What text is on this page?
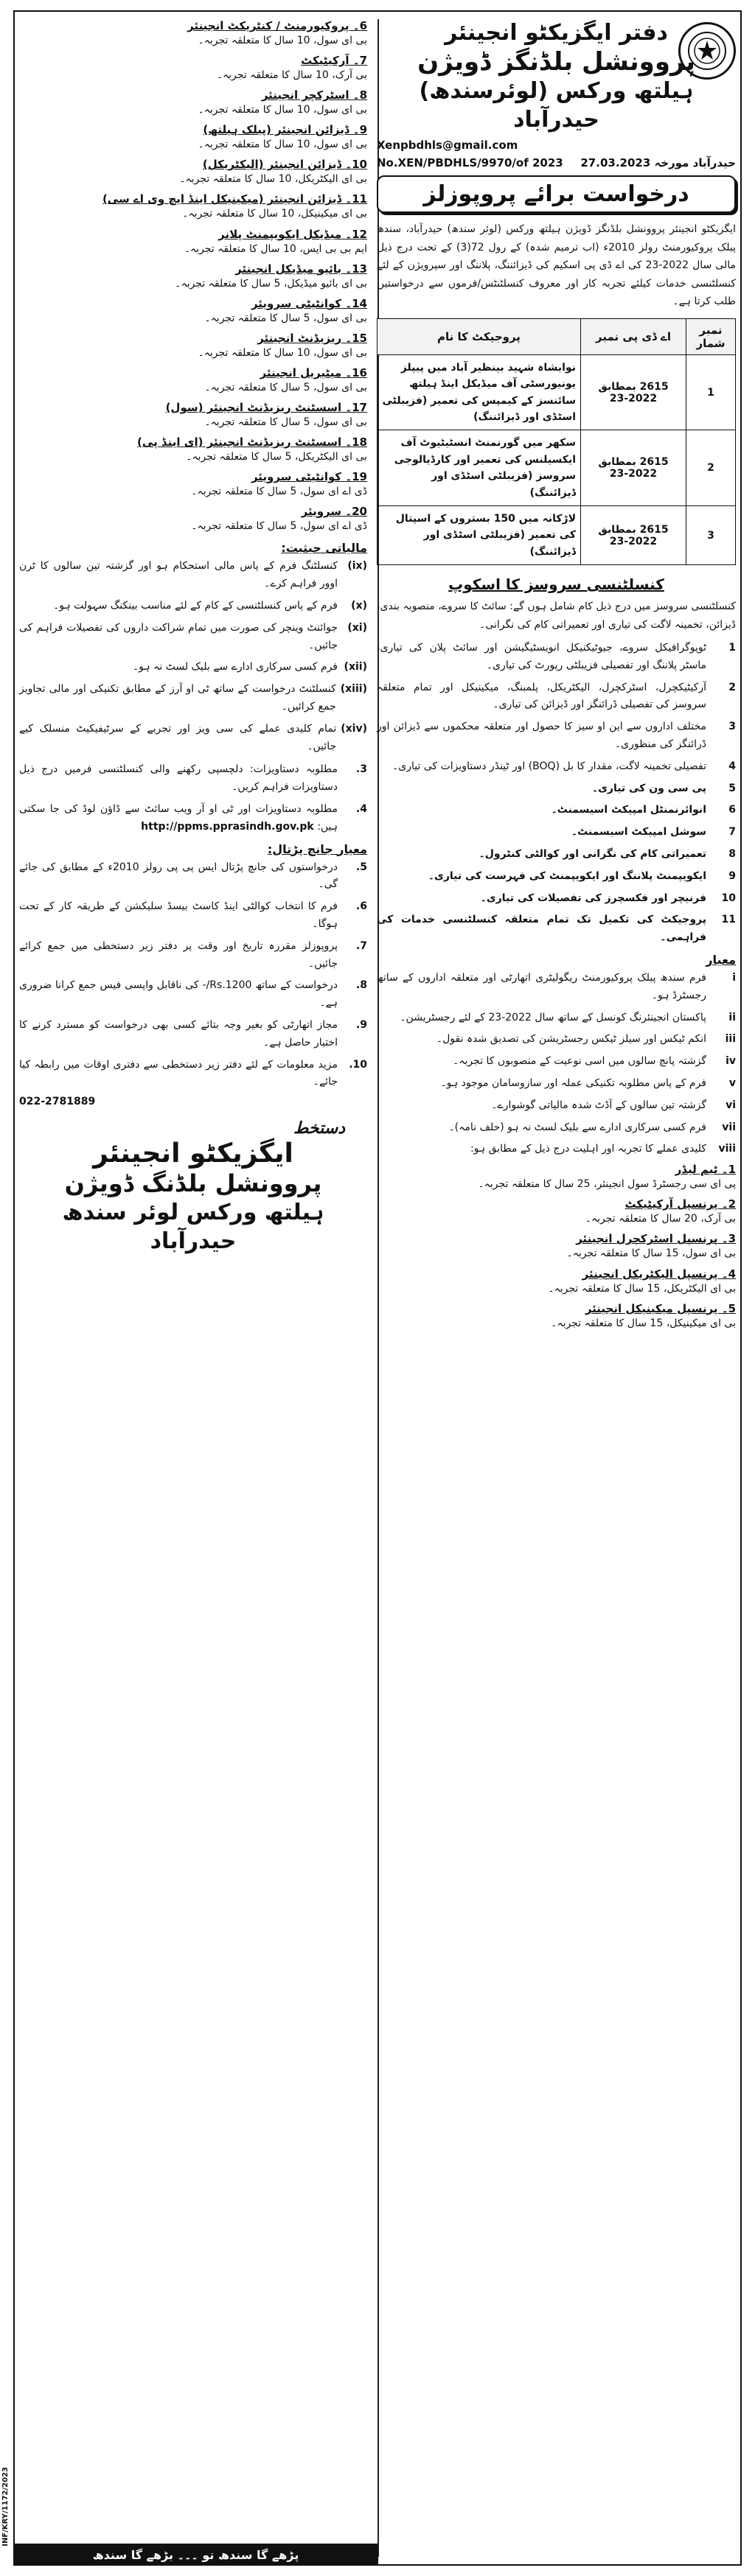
دفتر ایگزیکٹو انجینئر
پروونشل بلڈنگز ڈویژن
ہیلتھ ورکس (لوئرسندھ) حیدرآباد
Xenpbdhls@gmail.com
No.XEN/PBDHLS/9970/of 2023 حیدرآباد مورخہ 27.03.2023
درخواست برائے پروپوزلز
ایگزیکٹو انجینئر پروونشل بلڈنگز ڈویژن ہیلتھ ورکس (لوئر سندھ) حیدرآباد، سندھ پبلک پروکیورمنٹ رولز 2010ء (اب ترمیم شدہ) کے رول 72(3) کے تحت درج ذیل مالی سال 2022-23 کی اے ڈی پی اسکیم کی ڈیزائننگ، پلاننگ اور سپرویژن کے لئے کنسلٹنسی خدمات کیلئے تجربہ کار اور معروف کنسلٹنٹس/فرموں سے درخواستیں طلب کرتا ہے۔
نمبر شمار	اے ڈی پی نمبر	پروجیکٹ کا نام
1	2615 بمطابق 2022-23	نوابشاہ شہید بینظیر آباد میں پیپلز یونیورسٹی آف میڈیکل اینڈ ہیلتھ سائنسز کے کیمپس کی تعمیر (فزیبلٹی اسٹڈی اور ڈیزائننگ)
2	2615 بمطابق 2022-23	سکھر میں گورنمنٹ انسٹیٹیوٹ آف ایکسیلنس کی تعمیر اور کارڈیالوجی سروسز (فزیبلٹی اسٹڈی اور ڈیزائننگ)
3	2615 بمطابق 2022-23	لاڑکانہ میں 150 بستروں کے اسپتال کی تعمیر (فزیبلٹی اسٹڈی اور ڈیزائننگ)
کنسلٹنسی سروسز کا اسکوپ
کنسلٹنسی سروسز میں درج ذیل کام شامل ہوں گے: سائٹ کا سروے، منصوبہ بندی، ڈیزائن، تخمینہ لاگت کی تیاری اور تعمیراتی کام کی نگرانی۔
1
ٹوپوگرافیکل سروے، جیوٹیکنیکل انویسٹیگیشن اور سائٹ پلان کی تیاری، ماسٹر پلاننگ اور تفصیلی فزیبلٹی رپورٹ کی تیاری۔
2
آرکیٹیکچرل، اسٹرکچرل، الیکٹریکل، پلمبنگ، میکینیکل اور تمام متعلقہ سروسز کی تفصیلی ڈرائنگز اور ڈیزائن کی تیاری۔
3
مختلف اداروں سے این او سیز کا حصول اور متعلقہ محکموں سے ڈیزائن اور ڈرائنگز کی منظوری۔
4
تفصیلی تخمینہ لاگت، مقدار کا بل (BOQ) اور ٹینڈر دستاویزات کی تیاری۔
5
پی سی ون کی تیاری۔
6
انوائرنمنٹل امپیکٹ اسیسمنٹ۔
7
سوشل امپیکٹ اسیسمنٹ۔
8
تعمیراتی کام کی نگرانی اور کوالٹی کنٹرول۔
9
ایکویپمنٹ پلاننگ اور ایکویپمنٹ کی فہرست کی تیاری۔
10
فرنیچر اور فکسچرز کی تفصیلات کی تیاری۔
11
پروجیکٹ کی تکمیل تک تمام متعلقہ کنسلٹنسی خدمات کی فراہمی۔
معیار
i
فرم سندھ پبلک پروکیورمنٹ ریگولیٹری اتھارٹی اور متعلقہ اداروں کے ساتھ رجسٹرڈ ہو۔
ii
پاکستان انجینئرنگ کونسل کے ساتھ سال 2022-23 کے لئے رجسٹریشن۔
iii
انکم ٹیکس اور سیلز ٹیکس رجسٹریشن کی تصدیق شدہ نقول۔
iv
گزشتہ پانچ سالوں میں اسی نوعیت کے منصوبوں کا تجربہ۔
v
فرم کے پاس مطلوبہ تکنیکی عملہ اور سازوسامان موجود ہو۔
vi
گزشتہ تین سالوں کے آڈٹ شدہ مالیاتی گوشوارے۔
vii
فرم کسی سرکاری ادارے سے بلیک لسٹ نہ ہو (حلف نامہ)۔
viii
کلیدی عملے کا تجربہ اور اہلیت درج ذیل کے مطابق ہو:
1۔ ٹیم لیڈر
پی ای سی رجسٹرڈ سول انجینئر، 25 سال کا متعلقہ تجربہ۔
2۔ پرنسپل آرکیٹیکٹ
بی آرک، 20 سال کا متعلقہ تجربہ۔
3۔ پرنسپل اسٹرکچرل انجینئر
بی ای سول، 15 سال کا متعلقہ تجربہ۔
4۔ پرنسپل الیکٹریکل انجینئر
بی ای الیکٹریکل، 15 سال کا متعلقہ تجربہ۔
5۔ پرنسپل میکینیکل انجینئر
بی ای میکینیکل، 15 سال کا متعلقہ تجربہ۔
6۔ پروکیورمنٹ / کنٹریکٹ انجینئر
بی ای سول، 10 سال کا متعلقہ تجربہ۔
7۔ آرکیٹیکٹ
بی آرک، 10 سال کا متعلقہ تجربہ۔
8۔ اسٹرکچر انجینئر
بی ای سول، 10 سال کا متعلقہ تجربہ۔
9۔ ڈیزائن انجینئر (پبلک ہیلتھ)
بی ای سول، 10 سال کا متعلقہ تجربہ۔
10۔ ڈیزائن انجینئر (الیکٹریکل)
بی ای الیکٹریکل، 10 سال کا متعلقہ تجربہ۔
11۔ ڈیزائن انجینئر (میکینیکل اینڈ ایچ وی اے سی)
بی ای میکینیکل، 10 سال کا متعلقہ تجربہ۔
12۔ میڈیکل ایکویپمنٹ پلانر
ایم بی بی ایس، 10 سال کا متعلقہ تجربہ۔
13۔ بائیو میڈیکل انجینئر
بی ای بائیو میڈیکل، 5 سال کا متعلقہ تجربہ۔
14۔ کوانٹیٹی سرویئر
بی ای سول، 5 سال کا متعلقہ تجربہ۔
15۔ ریزیڈنٹ انجینئر
بی ای سول، 10 سال کا متعلقہ تجربہ۔
16۔ میٹیریل انجینئر
بی ای سول، 5 سال کا متعلقہ تجربہ۔
17۔ اسسٹنٹ ریزیڈنٹ انجینئر (سول)
بی ای سول، 5 سال کا متعلقہ تجربہ۔
18۔ اسسٹنٹ ریزیڈنٹ انجینئر (ای اینڈ پی)
بی ای الیکٹریکل، 5 سال کا متعلقہ تجربہ۔
19۔ کوانٹیٹی سرویئر
ڈی اے ای سول، 5 سال کا متعلقہ تجربہ۔
20۔ سرویئر
ڈی اے ای سول، 5 سال کا متعلقہ تجربہ۔
مالیاتی حیثیت:
(ix)
کنسلٹنگ فرم کے پاس مالی استحکام ہو اور گزشتہ تین سالوں کا ٹرن اوور فراہم کرے۔
(x)
فرم کے پاس کنسلٹنسی کے کام کے لئے مناسب بینکنگ سہولت ہو۔
(xi)
جوائنٹ وینچر کی صورت میں تمام شراکت داروں کی تفصیلات فراہم کی جائیں۔
(xii)
فرم کسی سرکاری ادارے سے بلیک لسٹ نہ ہو۔
(xiii)
کنسلٹنٹ درخواست کے ساتھ ٹی او آرز کے مطابق تکنیکی اور مالی تجاویز جمع کرائیں۔
(xiv)
تمام کلیدی عملے کی سی ویز اور تجربے کے سرٹیفیکیٹ منسلک کیے جائیں۔
3.
مطلوبہ دستاویزات: دلچسپی رکھنے والی کنسلٹنسی فرمیں درج ذیل دستاویزات فراہم کریں۔
4.
مطلوبہ دستاویزات اور ٹی او آر ویب سائٹ سے ڈاؤن لوڈ کی جا سکتی ہیں: http://ppms.pprasindh.gov.pk
معیار جانچ پڑتال:
5.
درخواستوں کی جانچ پڑتال ایس پی پی رولز 2010ء کے مطابق کی جائے گی۔
6.
فرم کا انتخاب کوالٹی اینڈ کاسٹ بیسڈ سلیکشن کے طریقہ کار کے تحت ہوگا۔
7.
پروپوزلز مقررہ تاریخ اور وقت پر دفتر زیر دستخطی میں جمع کرائے جائیں۔
8.
درخواست کے ساتھ Rs.1200/- کی ناقابل واپسی فیس جمع کرانا ضروری ہے۔
9.
مجاز اتھارٹی کو بغیر وجہ بتائے کسی بھی درخواست کو مسترد کرنے کا اختیار حاصل ہے۔
10.
مزید معلومات کے لئے دفتر زیر دستخطی سے دفتری اوقات میں رابطہ کیا جائے۔
022-2781889
دستخط
ایگزیکٹو انجینئر
پروونشل بلڈنگ ڈویژن
ہیلتھ ورکس لوئر سندھ حیدرآباد
پڑھے گا سندھ تو ۔۔۔ بڑھے گا سندھ
INF/KRY/1172/2023
